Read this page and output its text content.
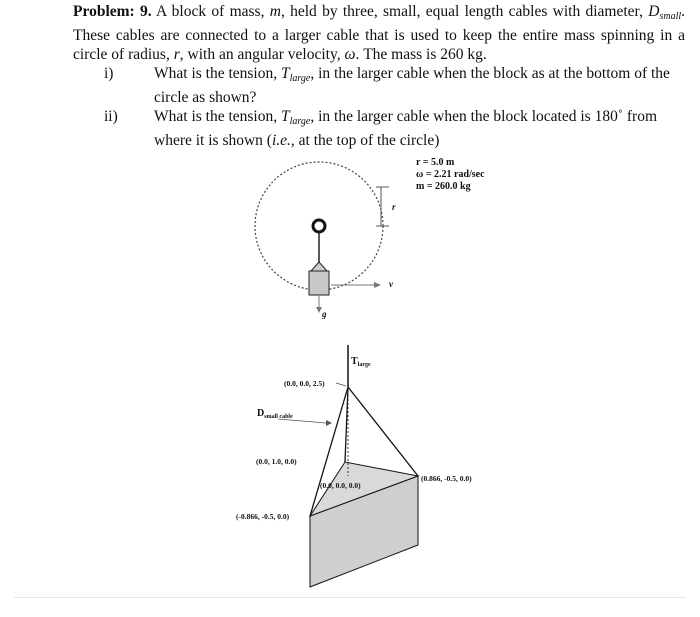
Problem: 9. A block of mass, m, held by three, small, equal length cables with diameter, $D_{small}$. These cables are connected to a larger cable that is used to keep the entire mass spinning in a circle of radius, r, with an angular velocity, ω. The mass is 260 kg.

i)	What is the tension, $T_{large}$, in the larger cable when the block as at the bottom of the circle as shown?
ii) What is the tension, $T_{large}$, in the larger cable when the block located is 180˚ from where it is shown (i.e., at the top of the circle)
r = 5.0 m
ω = 2.21 rad/sec
m = 260.0 kg
r
v
g
$T_{large}$
$D_{small cable}$
(0.0, 0.0, 2.5)
(0.0, 1.0, 0.0)
(0.0, 0.0, 0.0)
(0.866, -0.5, 0.0)
(-0.866, -0.5, 0.0)
